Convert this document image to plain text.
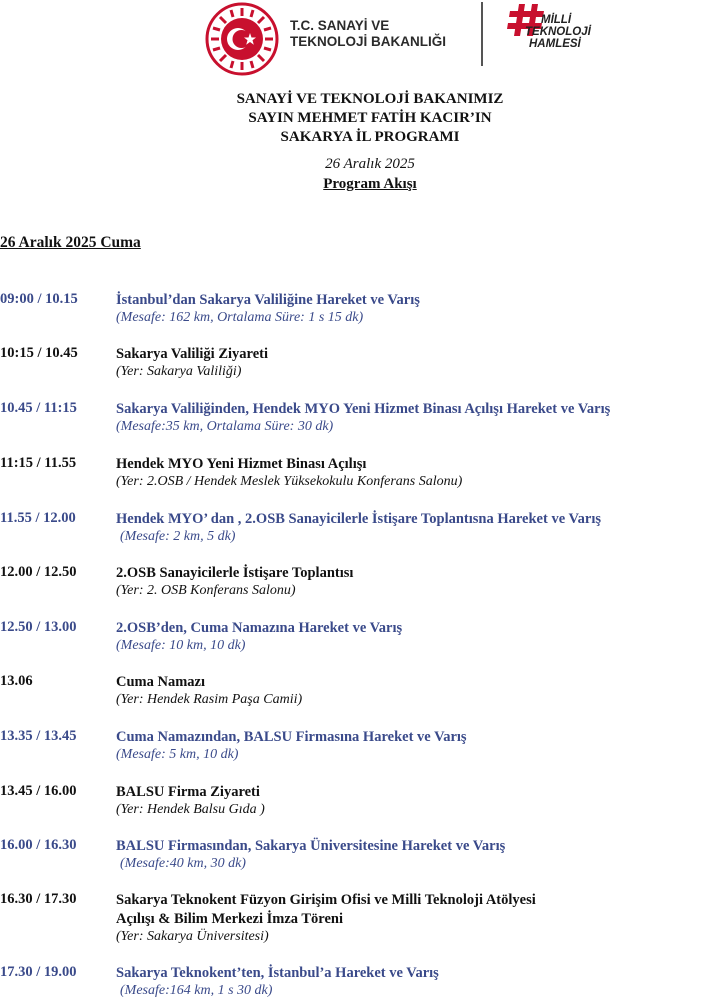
T.C. SANAYİ VE
TEKNOLOJİ BAKANLIĞI
MİLLİ
TEKNOLOJİ
HAMLESİ
SANAYİ VE TEKNOLOJİ BAKANIMIZ
SAYIN MEHMET FATİH KACIR’IN
SAKARYA İL PROGRAMI
26 Aralık 2025
Program Akışı
26 Aralık 2025 Cuma
09:00 / 10.15	İstanbul’dan Sakarya Valiliğine Hareket ve Varış
(Mesafe: 162 km, Ortalama Süre: 1 s 15 dk)
10:15 / 10.45	Sakarya Valiliği Ziyareti
(Yer: Sakarya Valiliği)
10.45 / 11:15	Sakarya Valiliğinden, Hendek MYO Yeni Hizmet Binası Açılışı Hareket ve Varış
(Mesafe:35 km, Ortalama Süre: 30 dk)
11:15 / 11.55	Hendek MYO Yeni Hizmet Binası Açılışı
(Yer: 2.OSB / Hendek Meslek Yüksekokulu Konferans Salonu)
11.55 / 12.00	Hendek MYO’ dan , 2.OSB Sanayicilerle İstişare Toplantısna Hareket ve Varış
(Mesafe: 2 km, 5 dk)
12.00 / 12.50	2.OSB Sanayicilerle İstişare Toplantısı
(Yer: 2. OSB Konferans Salonu)
12.50 / 13.00	2.OSB’den, Cuma Namazına Hareket ve Varış
(Mesafe: 10 km, 10 dk)
13.06	Cuma Namazı
(Yer: Hendek Rasim Paşa Camii)
13.35 / 13.45	Cuma Namazından, BALSU Firmasına Hareket ve Varış
(Mesafe: 5 km, 10 dk)
13.45 / 16.00	BALSU Firma Ziyareti
(Yer: Hendek Balsu Gıda )
16.00 / 16.30	BALSU Firmasından, Sakarya Üniversitesine Hareket ve Varış
(Mesafe:40 km, 30 dk)
16.30 / 17.30	Sakarya Teknokent Füzyon Girişim Ofisi ve Milli Teknoloji Atölyesi
Açılışı & Bilim Merkezi İmza Töreni
(Yer: Sakarya Üniversitesi)
17.30 / 19.00	Sakarya Teknokent’ten, İstanbul’a Hareket ve Varış
(Mesafe:164 km, 1 s 30 dk)
